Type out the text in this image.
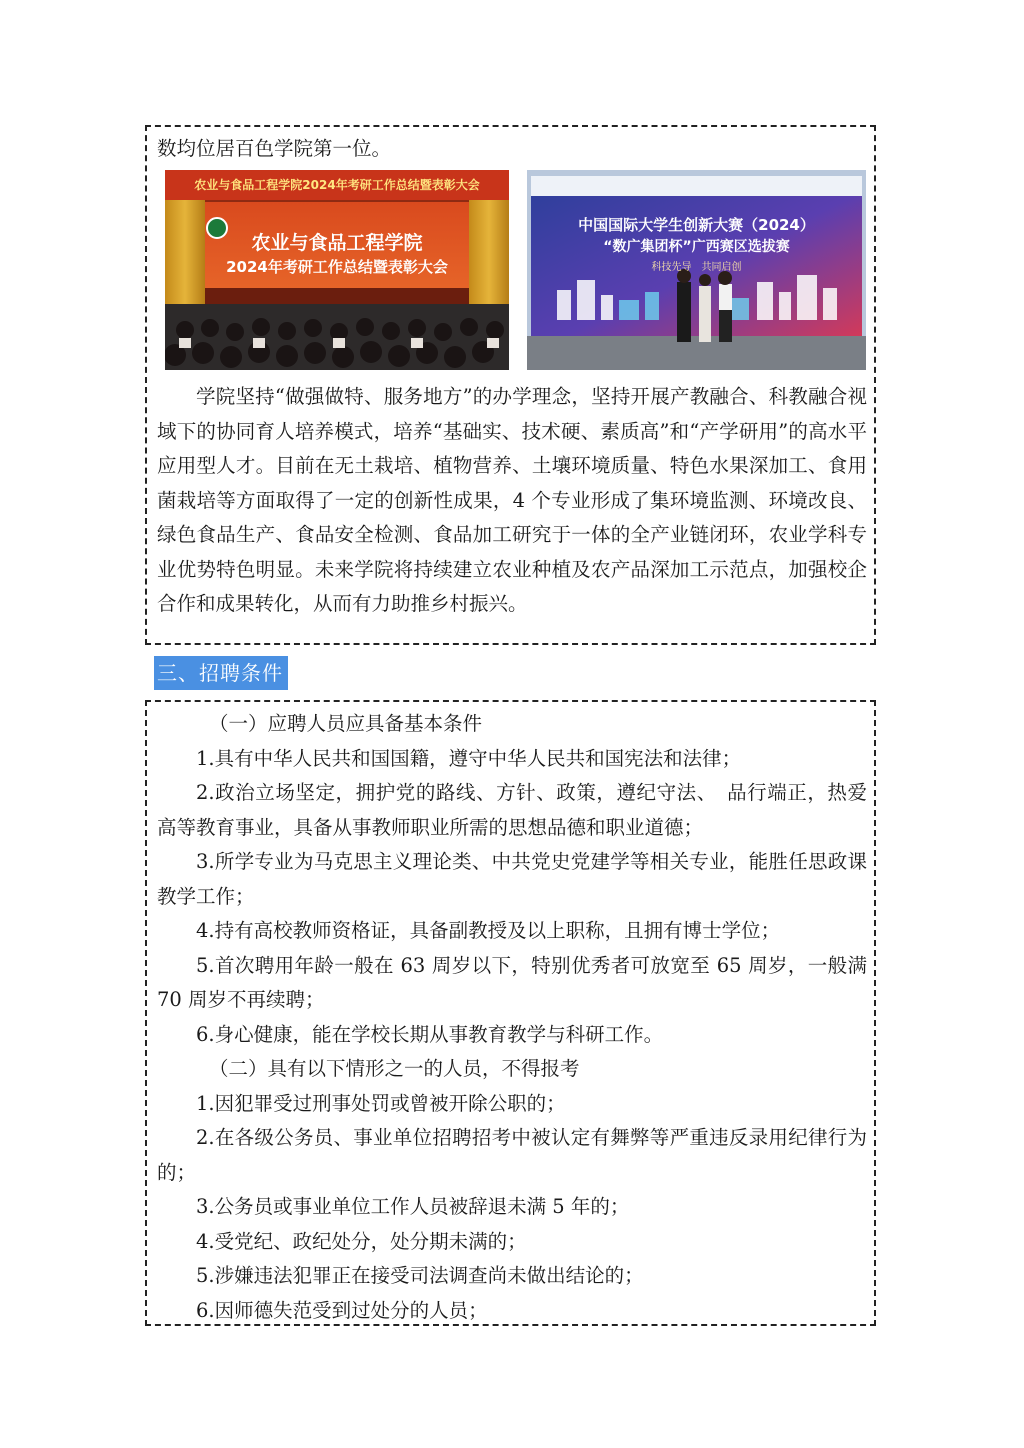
数均位居百色学院第一位。

农业与食品工程学院2024年考研工作总结暨表彰大会
农业与食品工程学院
2024年考研工作总结暨表彰大会
中国国际大学生创新大赛（2024）
“数广集团杯”广西赛区选拔赛
科技先导　共同启创

学院坚持“做强做特、服务地方”的办学理念，坚持开展产教融合、科教融合视域下的协同育人培养模式，培养“基础实、技术硬、素质高”和“产学研用”的高水平应用型人才。目前在无土栽培、植物营养、土壤环境质量、特色水果深加工、食用菌栽培等方面取得了一定的创新性成果，4 个专业形成了集环境监测、环境改良、绿色食品生产、食品安全检测、食品加工研究于一体的全产业链闭环，农业学科专业优势特色明显。未来学院将持续建立农业种植及农产品深加工示范点，加强校企合作和成果转化，从而有力助推乡村振兴。

三、招聘条件

（一）应聘人员应具备基本条件

1.具有中华人民共和国国籍，遵守中华人民共和国宪法和法律；

2.政治立场坚定，拥护党的路线、方针、政策，遵纪守法、　品行端正，热爱高等教育事业，具备从事教师职业所需的思想品德和职业道德；

3.所学专业为马克思主义理论类、中共党史党建学等相关专业，能胜任思政课教学工作；

4.持有高校教师资格证，具备副教授及以上职称，且拥有博士学位；

5.首次聘用年龄一般在 63 周岁以下，特别优秀者可放宽至 65 周岁，一般满 70 周岁不再续聘；

6.身心健康，能在学校长期从事教育教学与科研工作。

（二）具有以下情形之一的人员，不得报考

1.因犯罪受过刑事处罚或曾被开除公职的；

2.在各级公务员、事业单位招聘招考中被认定有舞弊等严重违反录用纪律行为的；

3.公务员或事业单位工作人员被辞退未满 5 年的；

4.受党纪、政纪处分，处分期未满的；

5.涉嫌违法犯罪正在接受司法调查尚未做出结论的；

6.因师德失范受到过处分的人员；
